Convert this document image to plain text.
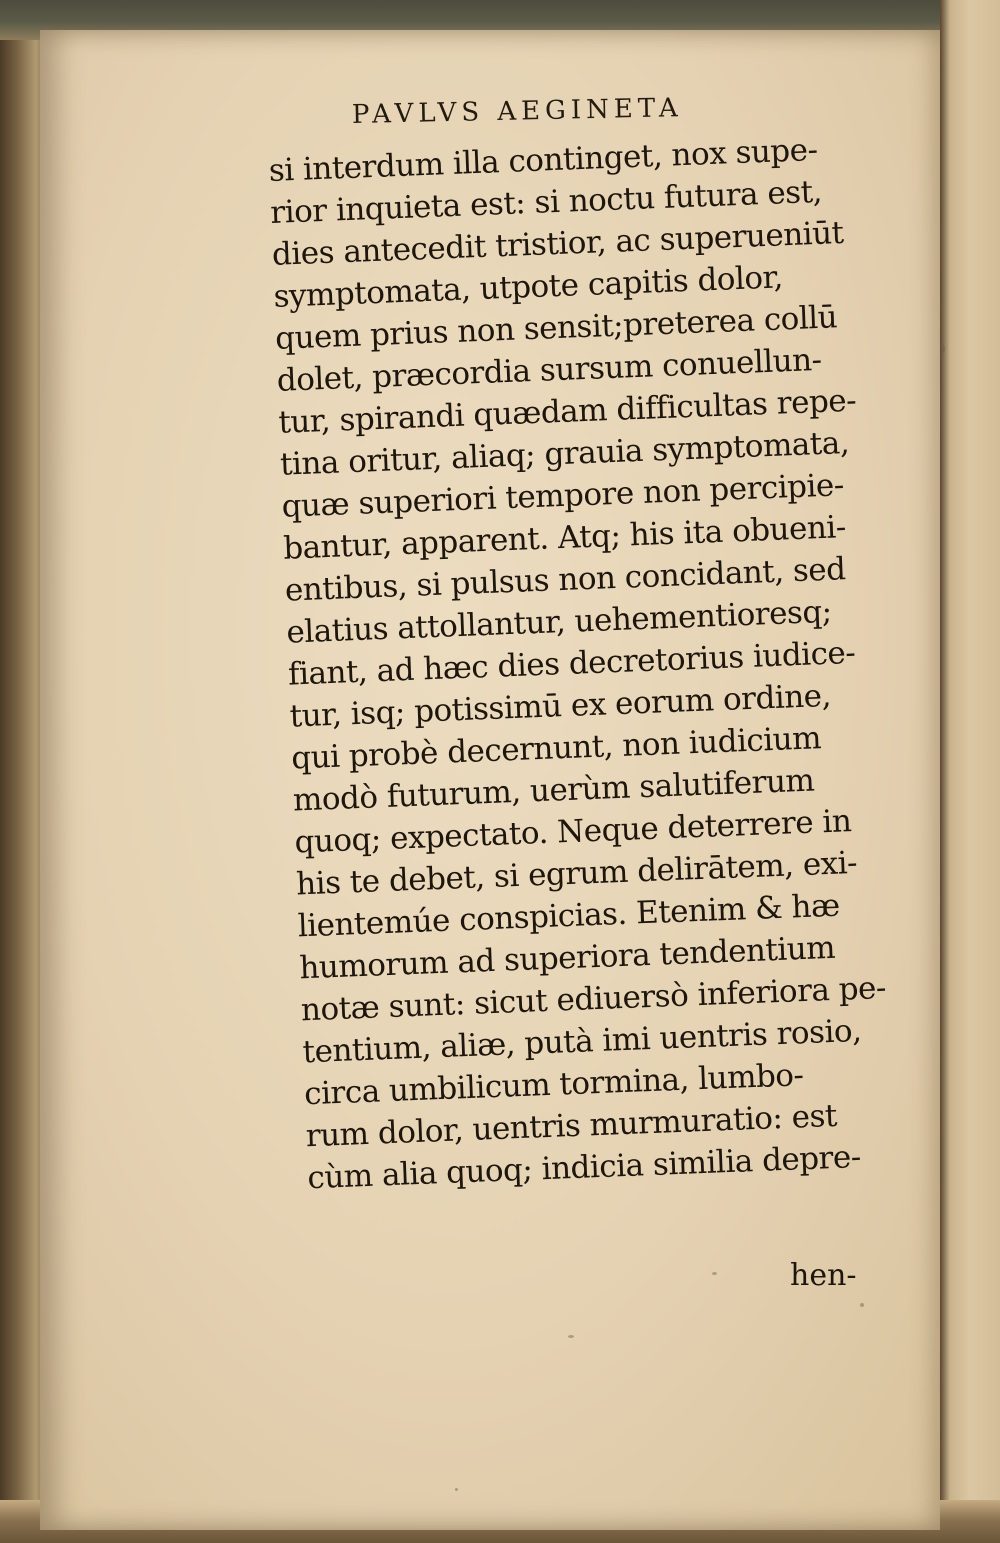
PAVLVS AEGINETA
si interdum illa continget, nox supe-
rior inquieta est: si noctu futura est,
dies antecedit tristior, ac superueniūt
symptomata, utpote capitis dolor,
quem prius non sensit;preterea collū
dolet, præcordia sursum conuellun-
tur, spirandi quædam difficultas repe-
tina oritur, aliaq; grauia symptomata,
quæ superiori tempore non percipie-
bantur, apparent. Atq; his ita obueni-
entibus, si pulsus non concidant, sed
elatius attollantur, uehementioresq;
fiant, ad hæc dies decretorius iudice-
tur, isq; potissimū ex eorum ordine,
qui probè decernunt, non iudicium
modò futurum, uerùm salutiferum
quoq; expectato. Neque deterrere in
his te debet, si egrum delirātem, exi-
lientemúe conspicias. Etenim & hæ
humorum ad superiora tendentium
notæ sunt: sicut ediuersò inferiora pe-
tentium, aliæ, putà imi uentris rosio,
circa umbilicum tormina, lumbo-
rum dolor, uentris murmuratio: est
cùm alia quoq; indicia similia depre-
hen-
